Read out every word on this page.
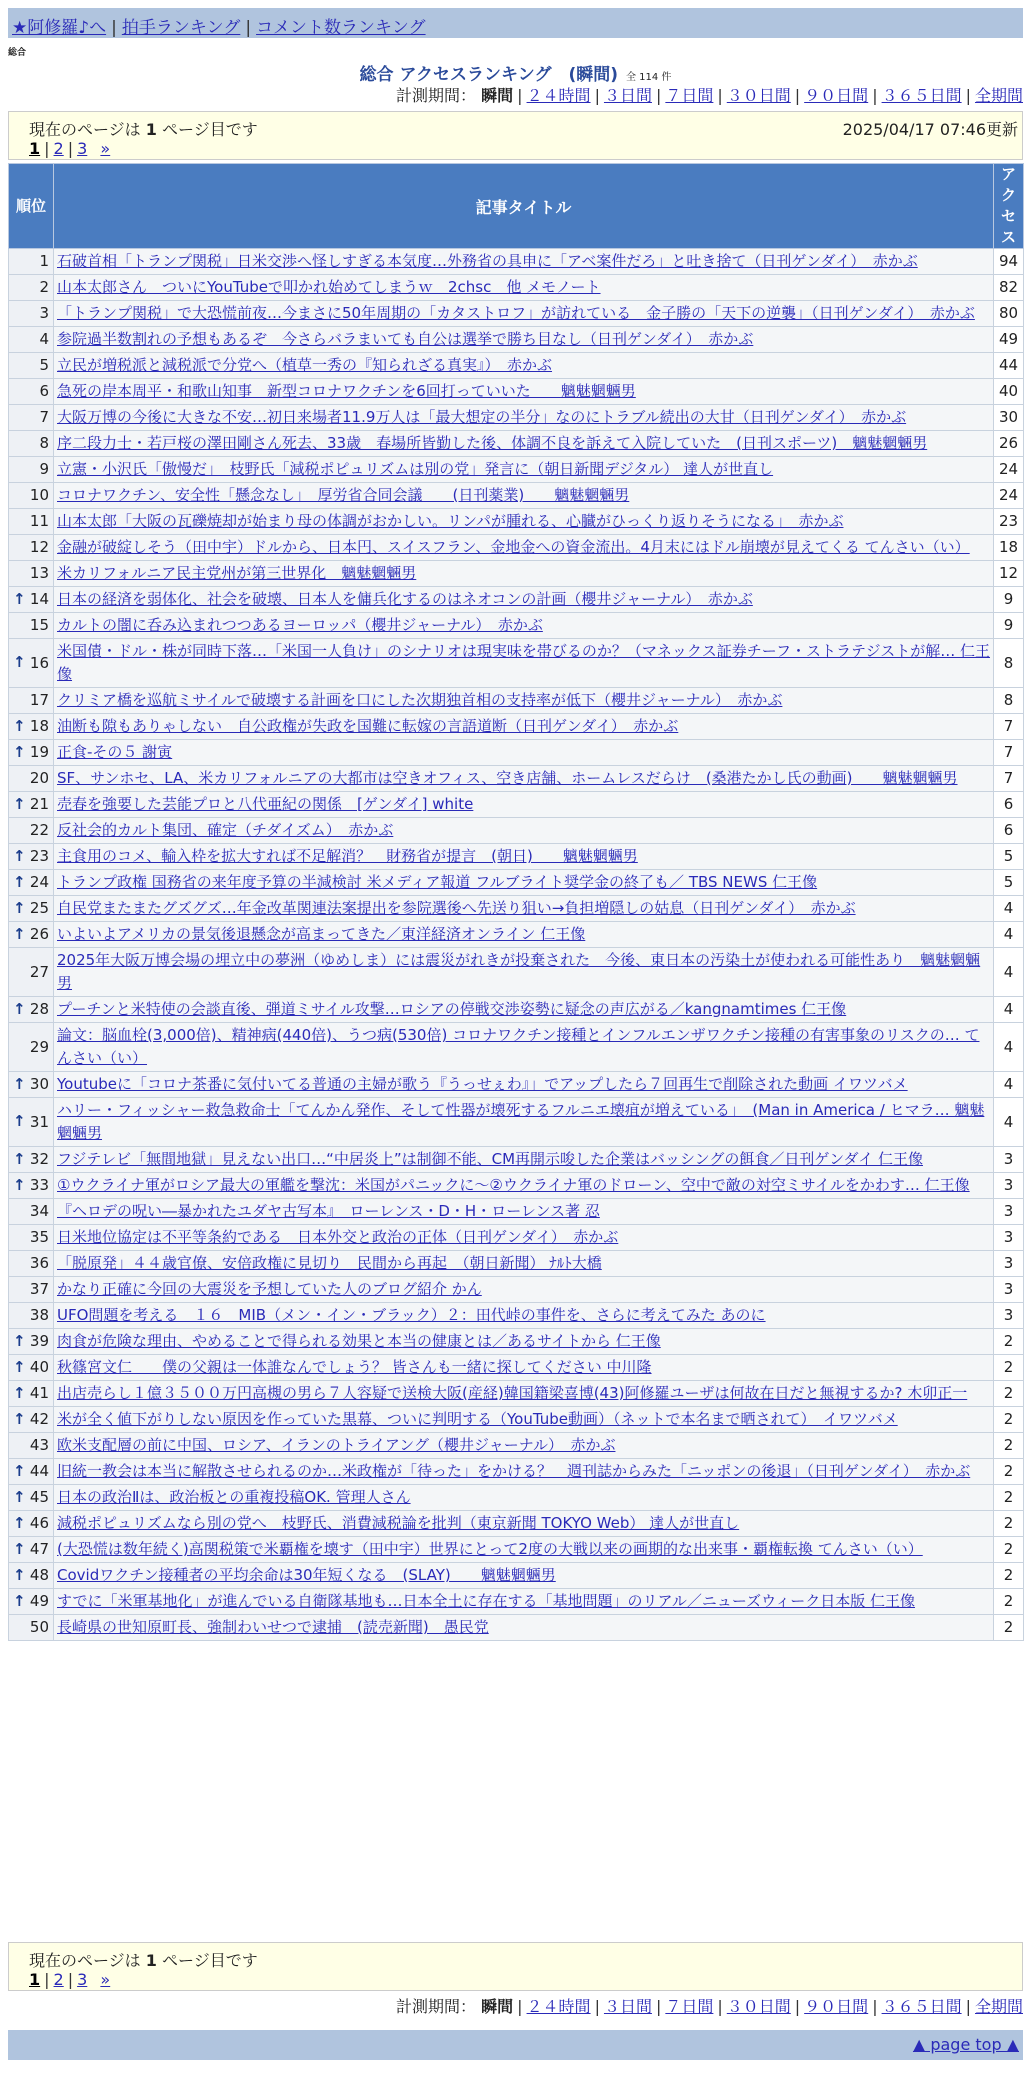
★阿修羅♪へ | 拍手ランキング | コメント数ランキング
総合
総合 アクセスランキング　(瞬間) 全 114 件
計測期間： 瞬間 | ２４時間 | ３日間 | ７日間 | ３０日間 | ９０日間 | ３６５日間 | 全期間
現在のページは 1 ページ目です	2025/04/17 07:46更新
1 | 2 | 3 »
順位	記事タイトル	アクセス
1	石破首相「トランプ関税」日米交渉へ怪しすぎる本気度…外務省の具申に「アベ案件だろ」と吐き捨て（日刊ゲンダイ）　赤かぶ	94
2	山本太郎さん　ついにYouTubeで叩かれ始めてしまうｗ　2chsc　他 メモノート	82
3	「トランプ関税」で大恐慌前夜…今まさに50年周期の「カタストロフ」が訪れている　金子勝の「天下の逆襲」（日刊ゲンダイ）　赤かぶ	80
4	参院過半数割れの予想もあるぞ　今さらバラまいても自公は選挙で勝ち目なし（日刊ゲンダイ）　赤かぶ	49
5	立民が増税派と減税派で分党へ（植草一秀の『知られざる真実』）　赤かぶ	44
6	急死の岸本周平・和歌山知事　新型コロナワクチンを6回打っていいた　　魑魅魍魎男	40
7	大阪万博の今後に大きな不安…初日来場者11.9万人は「最大想定の半分」なのにトラブル続出の大甘（日刊ゲンダイ）　赤かぶ	30
8	序二段力士・若戸桜の澤田剛さん死去、33歳　春場所皆勤した後、体調不良を訴えて入院していた　(日刊スポーツ)　魑魅魍魎男	26
9	立憲・小沢氏「傲慢だ」　枝野氏「減税ポピュリズムは別の党」発言に（朝日新聞デジタル） 達人が世直し	24
10	コロナワクチン、安全性「懸念なし」　厚労省合同会議　　(日刊薬業)　　魑魅魍魎男	24
11	山本太郎「大阪の瓦礫焼却が始まり母の体調がおかしい。リンパが腫れる、心臓がひっくり返りそうになる」　赤かぶ	23
12	金融が破綻しそう（田中宇）ドルから、日本円、スイスフラン、金地金への資金流出。4月末にはドル崩壊が見えてくる てんさい（い）	18
13	米カリフォルニア民主党州が第三世界化　魑魅魍魎男	12

↑ 14	日本の経済を弱体化、社会を破壊、日本人を傭兵化するのはネオコンの計画（櫻井ジャーナル）　赤かぶ	9
15	カルトの闇に呑み込まれつつあるヨーロッパ（櫻井ジャーナル）　赤かぶ	9

↑ 16	米国債・ドル・株が同時下落…「米国一人負け」のシナリオは現実味を帯びるのか？（マネックス証券チーフ・ストラテジストが解… 仁王像	8
17	クリミア橋を巡航ミサイルで破壊する計画を口にした次期独首相の支持率が低下（櫻井ジャーナル）　赤かぶ	8

↑ 18	油断も隙もありゃしない　自公政権が失政を国難に転嫁の言語道断（日刊ゲンダイ）　赤かぶ	7

↑ 19	正食-その５ 謝寅	7
20	SF、サンホセ、LA、米カリフォルニアの大都市は空きオフィス、空き店舗、ホームレスだらけ　(桑港たかし氏の動画)　　魑魅魍魎男	7

↑ 21	売春を強要した芸能プロと八代亜紀の関係　[ゲンダイ] white	6
22	反社会的カルト集団、確定（チダイズム）　赤かぶ	6

↑ 23	主食用のコメ、輸入枠を拡大すれば不足解消？　財務省が提言　(朝日)　　魑魅魍魎男	5

↑ 24	トランプ政権 国務省の来年度予算の半減検討 米メディア報道 フルブライト奨学金の終了も／ TBS NEWS 仁王像	5

↑ 25	自民党またまたグズグズ…年金改革関連法案提出を参院選後へ先送り狙い→負担増隠しの姑息（日刊ゲンダイ）　赤かぶ	4

↑ 26	いよいよアメリカの景気後退懸念が高まってきた／東洋経済オンライン 仁王像	4
27	2025年大阪万博会場の埋立中の夢洲（ゆめしま）には震災がれきが投棄された　今後、東日本の汚染土が使われる可能性あり　魑魅魍魎男	4

↑ 28	プーチンと米特使の会談直後、弾道ミサイル攻撃…ロシアの停戦交渉姿勢に疑念の声広がる／kangnamtimes 仁王像	4
29	論文：脳血栓(3,000倍)、精神病(440倍)、うつ病(530倍) コロナワクチン接種とインフルエンザワクチン接種の有害事象のリスクの… てんさい（い）	4

↑ 30	Youtubeに「コロナ茶番に気付いてる普通の主婦が歌う『うっせぇわ』」でアップしたら７回再生で削除された動画 イワツバメ	4

↑ 31	ハリー・フィッシャー救急救命士「てんかん発作、そして性器が壊死するフルニエ壊疽が増えている」　(Man in America / ヒマラ… 魑魅魍魎男	4

↑ 32	フジテレビ「無間地獄」見えない出口…“中居炎上”は制御不能、CM再開示唆した企業はバッシングの餌食／日刊ゲンダイ 仁王像	3

↑ 33	①ウクライナ軍がロシア最大の軍艦を撃沈：米国がパニックに～②ウクライナ軍のドローン、空中で敵の対空ミサイルをかわす… 仁王像	3
34	『ヘロデの呪い―暴かれたユダヤ古写本』　ローレンス・D・H・ローレンス著 忍	3
35	日米地位協定は不平等条約である　日本外交と政治の正体（日刊ゲンダイ）　赤かぶ	3
36	「脱原発」４４歳官僚、安倍政権に見切り　民間から再起　（朝日新聞） ﾅﾙﾄ大橋	3
37	かなり正確に今回の大震災を予想していた人のブログ紹介 かん	3
38	UFO問題を考える　１６　MIB（メン・イン・ブラック）２：田代峠の事件を、さらに考えてみた あのに	3

↑ 39	肉食が危険な理由、やめることで得られる効果と本当の健康とは／あるサイトから 仁王像	2

↑ 40	秋篠宮文仁　　僕の父親は一体誰なんでしょう？ 皆さんも一緒に探してください 中川隆	2

↑ 41	出店売らし１億３５００万円高槻の男ら７人容疑で送検大阪(産経)韓国籍梁喜博(43)阿修羅ユーザは何故在日だと無視するか? 木卯正一	2

↑ 42	米が全く値下がりしない原因を作っていた黒幕、ついに判明する（YouTube動画）（ネットで本名まで晒されて）　イワツバメ	2
43	欧米支配層の前に中国、ロシア、イランのトライアング（櫻井ジャーナル）　赤かぶ	2

↑ 44	旧統一教会は本当に解散させられるのか…米政権が「待った」をかける？　週刊誌からみた「ニッポンの後退」（日刊ゲンダイ）　赤かぶ	2

↑ 45	日本の政治Ⅱは、政治板との重複投稿OK. 管理人さん	2

↑ 46	減税ポピュリズムなら別の党へ　枝野氏、消費減税論を批判（東京新聞 TOKYO Web） 達人が世直し	2

↑ 47	(大恐慌は数年続く)高関税策で米覇権を壊す（田中宇）世界にとって2度の大戦以来の画期的な出来事・覇権転換 てんさい（い）	2

↑ 48	Covidワクチン接種者の平均余命は30年短くなる　(SLAY)　　魑魅魍魎男	2

↑ 49	すでに「米軍基地化」が進んでいる自衛隊基地も…日本全土に存在する「基地問題」のリアル／ニューズウィーク日本版 仁王像	2
50	長崎県の世知原町長、強制わいせつで逮捕　(読売新聞)　愚民党	2
現在のページは 1 ページ目です
1 | 2 | 3 »
計測期間： 瞬間 | ２４時間 | ３日間 | ７日間 | ３０日間 | ９０日間 | ３６５日間 | 全期間
▲ page top ▲
